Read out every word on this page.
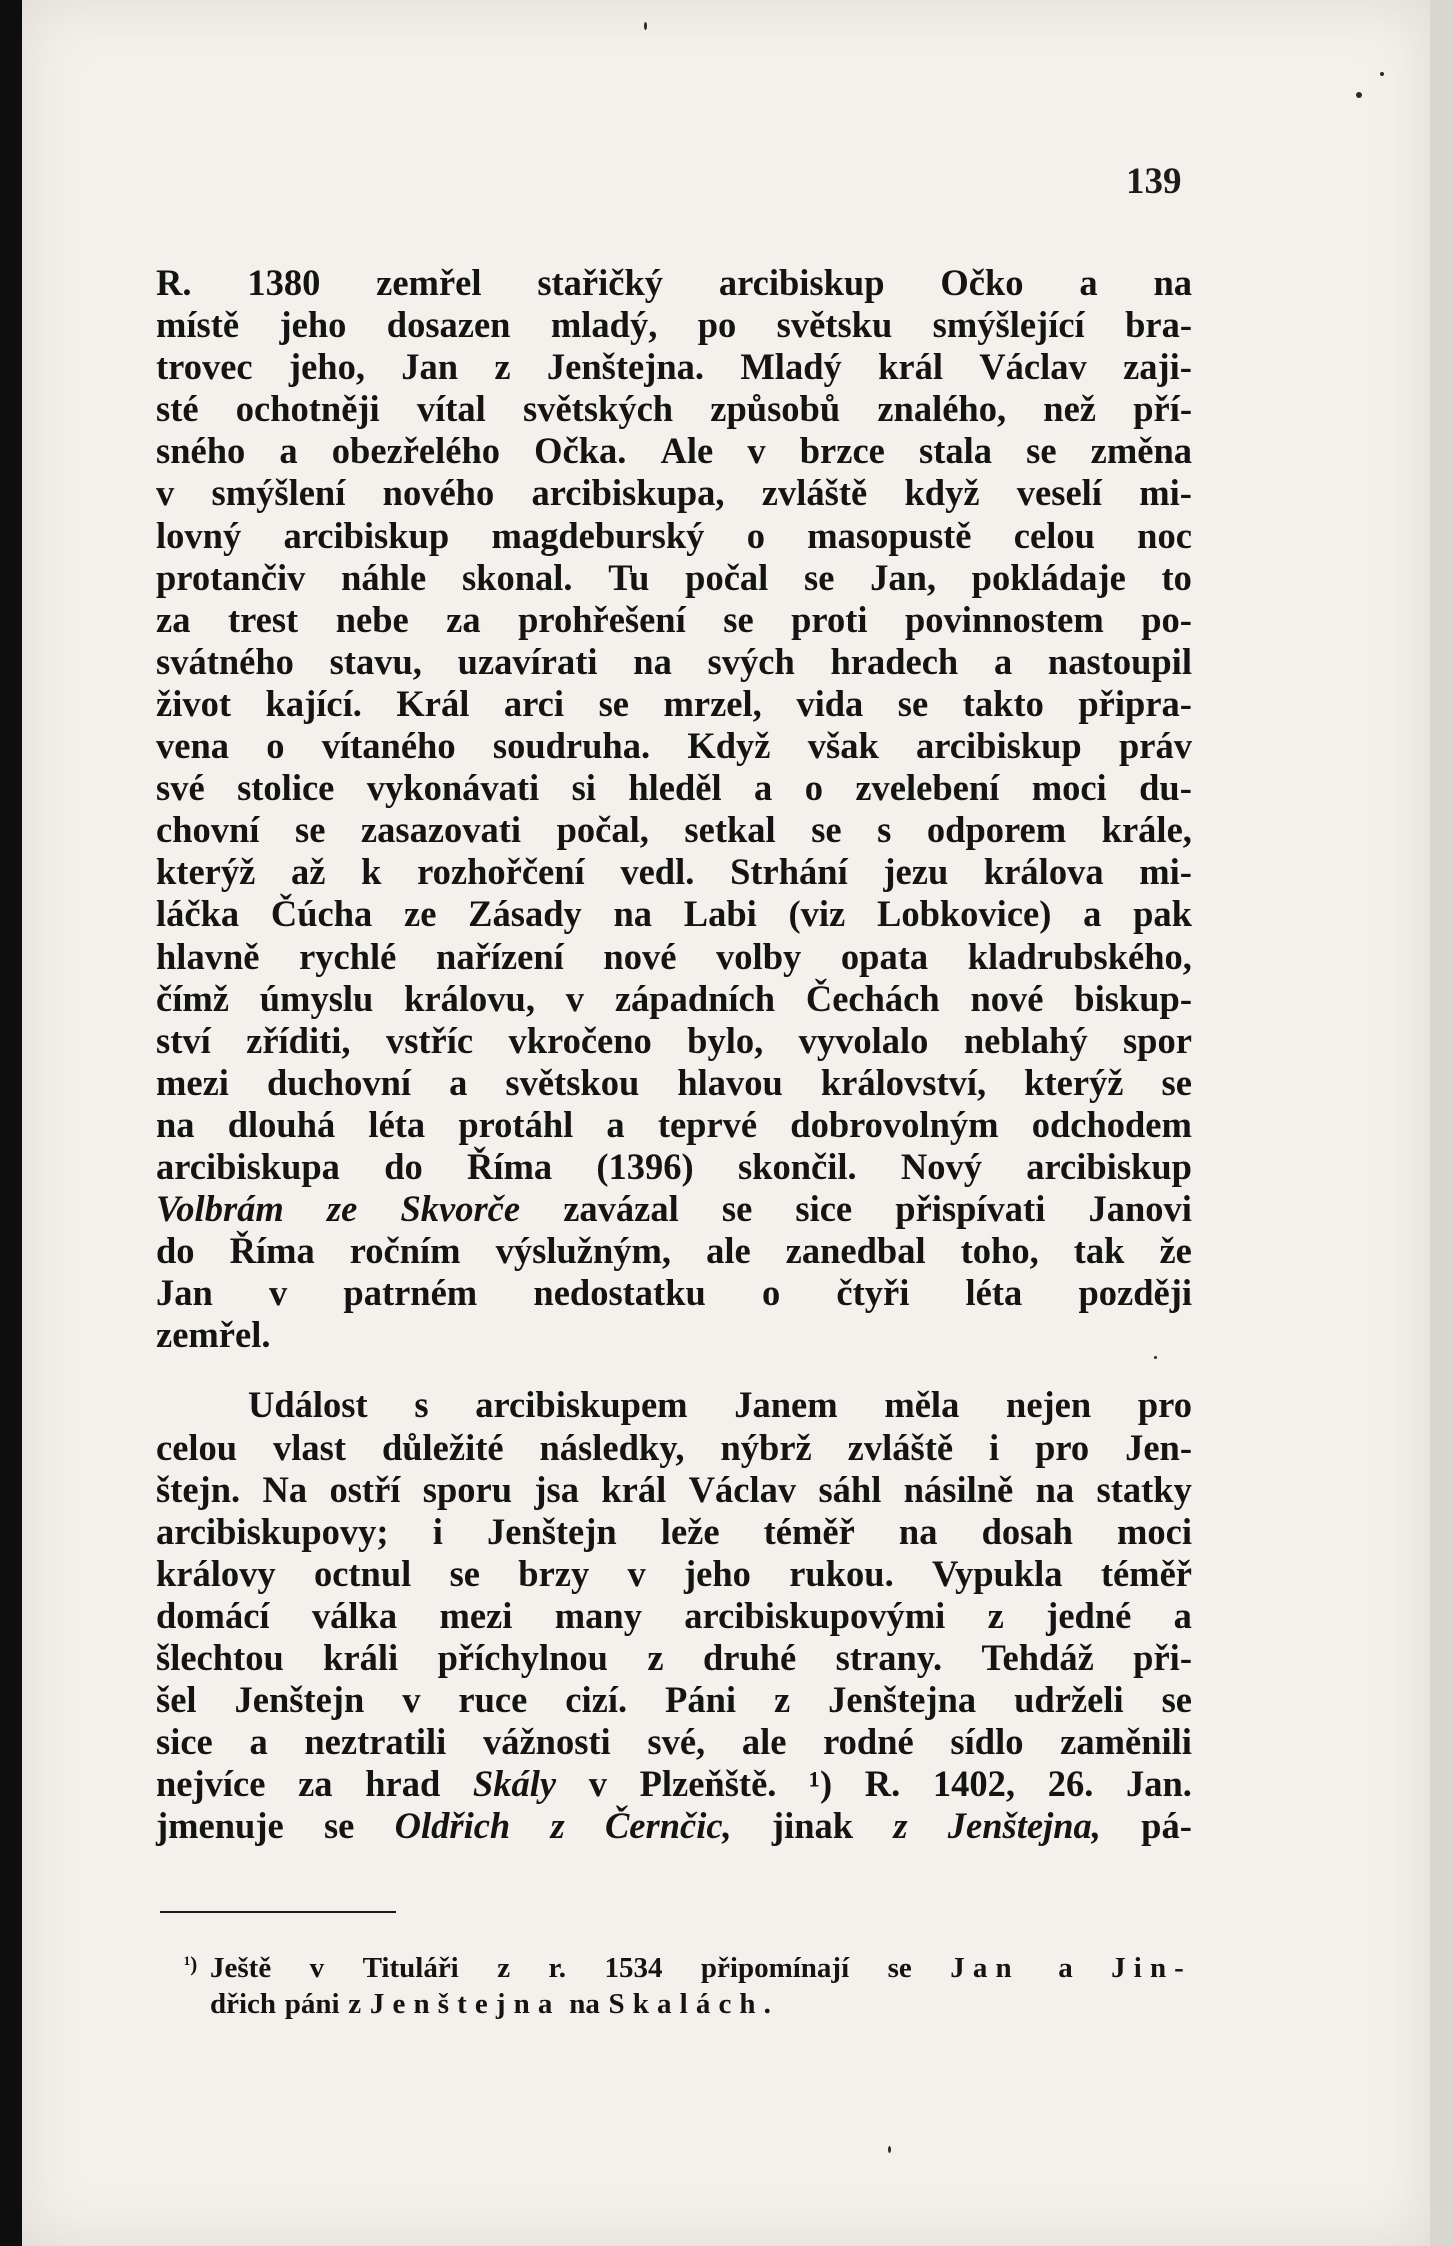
139
R. 1380 zemřel stařičký arcibiskup Očko a na
místě jeho dosazen mladý, po světsku smýšlející bra-
trovec jeho, Jan z Jenštejna. Mladý král Václav zaji-
sté ochotněji vítal světských způsobů znalého, než pří-
sného a obezřelého Očka. Ale v brzce stala se změna
v smýšlení nového arcibiskupa, zvláště když veselí mi-
lovný arcibiskup magdeburský o masopustě celou noc
protančiv náhle skonal. Tu počal se Jan, pokládaje to
za trest nebe za prohřešení se proti povinnostem po-
svátného stavu, uzavírati na svých hradech a nastoupil
život kající. Král arci se mrzel, vida se takto připra-
vena o vítaného soudruha. Když však arcibiskup práv
své stolice vykonávati si hleděl a o zvelebení moci du-
chovní se zasazovati počal, setkal se s odporem krále,
kterýž až k rozhořčení vedl. Strhání jezu králova mi-
láčka Čúcha ze Zásady na Labi (viz Lobkovice) a pak
hlavně rychlé nařízení nové volby opata kladrubského,
čímž úmyslu královu, v západních Čechách nové biskup-
ství zříditi, vstříc vkročeno bylo, vyvolalo neblahý spor
mezi duchovní a světskou hlavou království, kterýž se
na dlouhá léta protáhl a teprvé dobrovolným odchodem
arcibiskupa do Říma (1396) skončil. Nový arcibiskup
Volbrám ze Skvorče zavázal se sice přispívati Janovi
do Říma ročním výslužným, ale zanedbal toho, tak že
Jan v patrném nedostatku o čtyři léta později
zemřel.
Událost s arcibiskupem Janem měla nejen pro
celou vlast důležité následky, nýbrž zvláště i pro Jen-
štejn. Na ostří sporu jsa král Václav sáhl násilně na statky
arcibiskupovy; i Jenštejn leže téměř na dosah moci
královy octnul se brzy v jeho rukou. Vypukla téměř
domácí válka mezi many arcibiskupovými z jedné a
šlechtou králi příchylnou z druhé strany. Tehdáž při-
šel Jenštejn v ruce cizí. Páni z Jenštejna udrželi se
sice a neztratili vážnosti své, ale rodné sídlo zaměnili
nejvíce za hrad Skály v Plzeňště. ¹) R. 1402, 26. Jan.
jmenuje se Oldřich z Černčic, jinak z Jenštejna, pá-
¹) Ještě v Tituláři z r. 1534 připomínají se Jan a Jin-
dřich páni z Jenštejna na Skalách.
